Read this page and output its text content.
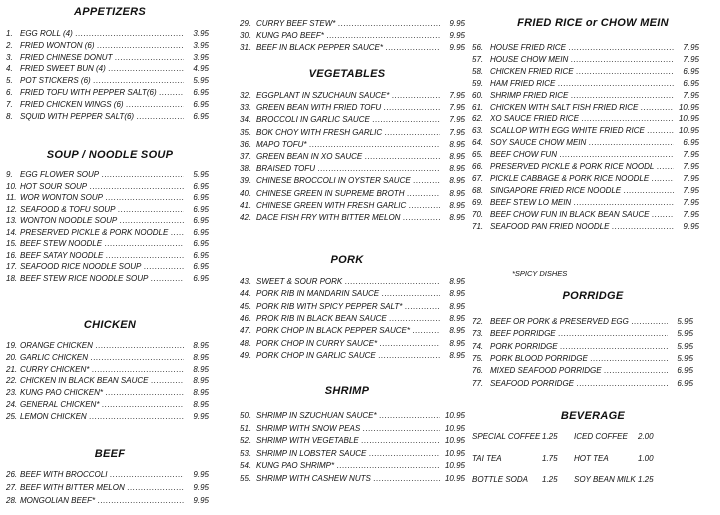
APPETIZERS
1. EGG ROLL (4) .....	3.95
2. FRIED WONTON (6) .....	3.95
3. FRIED CHINESE DONUT .....	3.95
4. FRIED SWEET BUN (4) .....	4.95
5. POT STICKERS (6) .....	5.95
6. FRIED TOFU WITH PEPPER SALT(6) .....	6.95
7. FRIED CHICKEN WINGS (6) .....	6.95
8. SQUID WITH PEPPER SALT(6) .....	6.95
SOUP / NOODLE SOUP
9. EGG FLOWER SOUP .....	5.95
10. HOT SOUR SOUP .....	6.95
11. WOR WONTON SOUP .....	6.95
12. SEAFOOD & TOFU SOUP .....	6.95
13. WONTON NOODLE SOUP .....	6.95
14. PRESERVED PICKLE & PORK NOODLE .....	6.95
15. BEEF STEW NOODLE .....	6.95
16. BEEF SATAY NOODLE .....	6.95
17. SEAFOOD RICE NOODLE SOUP .....	6.95
18. BEEF STEW RICE NOODLE SOUP .....	6.95
CHICKEN
19. ORANGE CHICKEN .....	8.95
20. GARLIC CHICKEN .....	8.95
21. CURRY CHICKEN* .....	8.95
22. CHICKEN IN BLACK BEAN SAUCE .....	8.95
23. KUNG PAO CHICKEN* .....	8.95
24. GENERAL CHICKEN* .....	8.95
25. LEMON CHICKEN .....	9.95
BEEF
26. BEEF WITH BROCCOLI .....	9.95
27. BEEF WITH BITTER MELON .....	9.95
28. MONGOLIAN BEEF* .....	9.95
29. CURRY BEEF STEW* .....	9.95
30. KUNG PAO BEEF* .....	9.95
31. BEEF IN BLACK PEPPER SAUCE* .....	9.95
VEGETABLES
32. EGGPLANT IN SZUCHAUN SAUCE* .....	7.95
33. GREEN BEAN WITH FRIED TOFU .....	7.95
34. BROCCOLI IN GARLIC SAUCE .....	7.95
35. BOK CHOY WITH FRESH GARLIC .....	7.95
36. MAPO TOFU* .....	8.95
37. GREEN BEAN IN XO SAUCE .....	8.95
38. BRAISED TOFU .....	8.95
39. CHINESE BROCCOLI IN OYSTER SAUCE .....	8.95
40. CHINESE GREEN IN SUPREME BROTH .....	8.95
41. CHINESE GREEN WITH FRESH GARLIC .....	8.95
42. DACE FISH FRY WITH BITTER MELON .....	8.95
PORK
43. SWEET & SOUR PORK .....	8.95
44. PORK RIB IN MANDARIN SAUCE .....	8.95
45. PORK RIB WITH SPICY PEPPER SALT* .....	8.95
46. PROK RIB IN BLACK BEAN SAUCE .....	8.95
47. PORK CHOP IN BLACK PEPPER SAUCE* .....	8.95
48. PORK CHOP IN CURRY SAUCE* .....	8.95
49. PORK CHOP IN GARLIC SAUCE .....	8.95
SHRIMP
50. SHRIMP IN SZUCHUAN SAUCE* .....	10.95
51. SHRIMP WITH SNOW PEAS .....	10.95
52. SHRIMP WITH VEGETABLE .....	10.95
53. SHRIMP IN LOBSTER SAUCE .....	10.95
54. KUNG PAO SHRIMP* .....	10.95
55. SHRIMP WITH CASHEW NUTS .....	10.95
FRIED RICE or CHOW MEIN
56. HOUSE FRIED RICE .....	7.95
57. HOUSE CHOW MEIN .....	7.95
58. CHICKEN FRIED RICE .....	6.95
59. HAM FRIED RICE .....	6.95
60. SHRIMP FRIED RICE .....	7.95
61. CHICKEN WITH SALT FISH FRIED RICE .....	10.95
62. XO SAUCE FRIED RICE .....	10.95
63. SCALLOP WITH EGG WHITE FRIED RICE .....	10.95
64. SOY SAUCE CHOW MEIN .....	6.95
65. BEEF CHOW FUN .....	7.95
66. PRESERVED PICKLE & PORK RICE NOODL .....	7.95
67. PICKLE CABBAGE & PORK RICE NOODLE .....	7.95
68. SINGAPORE FRIED RICE NOODLE .....	7.95
69. BEEF STEW LO MEIN .....	7.95
70. BEEF CHOW FUN IN BLACK BEAN SAUCE .....	7.95
71. SEAFOOD PAN FRIED NOODLE .....	9.95
*SPICY DISHES
PORRIDGE
72. BEEF OR PORK & PRESERVED EGG .....	5.95
73. BEEF PORRIDGE .....	5.95
74. PORK PORRIDGE .....	5.95
75. PORK BLOOD PORRIDGE .....	5.95
76. MIXED SEAFOOD PORRIDGE .....	6.95
77. SEAFOOD PORRIDGE .....	6.95
BEVERAGE
SPECIAL COFFEE 1.25 ICED COFFEE 2.00
TAI TEA	1.75 HOT TEA	1.00
BOTTLE SODA 1.25 SOY BEAN MILK 1.25
